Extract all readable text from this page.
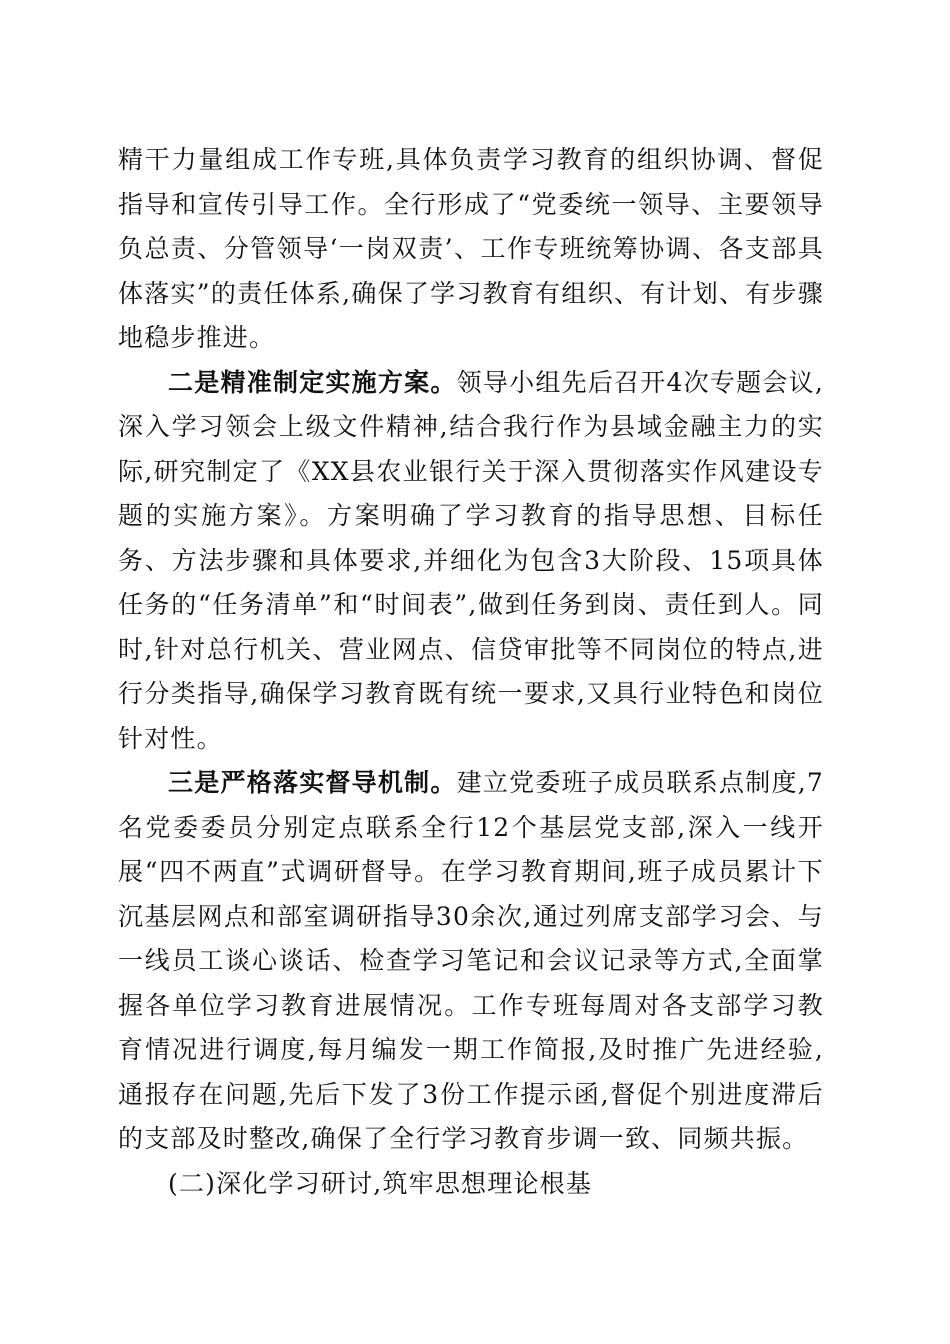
精干力量组成工作专班,具体负责学习教育的组织协调、督促指导和宣传引导工作。全行形成了“党委统一领导、主要领导负总责、分管领导‘一岗双责’、工作专班统筹协调、各支部具体落实”的责任体系,确保了学习教育有组织、有计划、有步骤地稳步推进。

二是精准制定实施方案。领导小组先后召开4次专题会议,深入学习领会上级文件精神,结合我行作为县域金融主力的实际,研究制定了《XX县农业银行关于深入贯彻落实作风建设专题的实施方案》。方案明确了学习教育的指导思想、目标任务、方法步骤和具体要求,并细化为包含3大阶段、15项具体任务的“任务清单”和“时间表”,做到任务到岗、责任到人。同时,针对总行机关、营业网点、信贷审批等不同岗位的特点,进行分类指导,确保学习教育既有统一要求,又具行业特色和岗位针对性。

三是严格落实督导机制。建立党委班子成员联系点制度,7名党委委员分别定点联系全行12个基层党支部,深入一线开展“四不两直”式调研督导。在学习教育期间,班子成员累计下沉基层网点和部室调研指导30余次,通过列席支部学习会、与一线员工谈心谈话、检查学习笔记和会议记录等方式,全面掌握各单位学习教育进展情况。工作专班每周对各支部学习教育情况进行调度,每月编发一期工作简报,及时推广先进经验,通报存在问题,先后下发了3份工作提示函,督促个别进度滞后的支部及时整改,确保了全行学习教育步调一致、同频共振。

(二)深化学习研讨,筑牢思想理论根基
